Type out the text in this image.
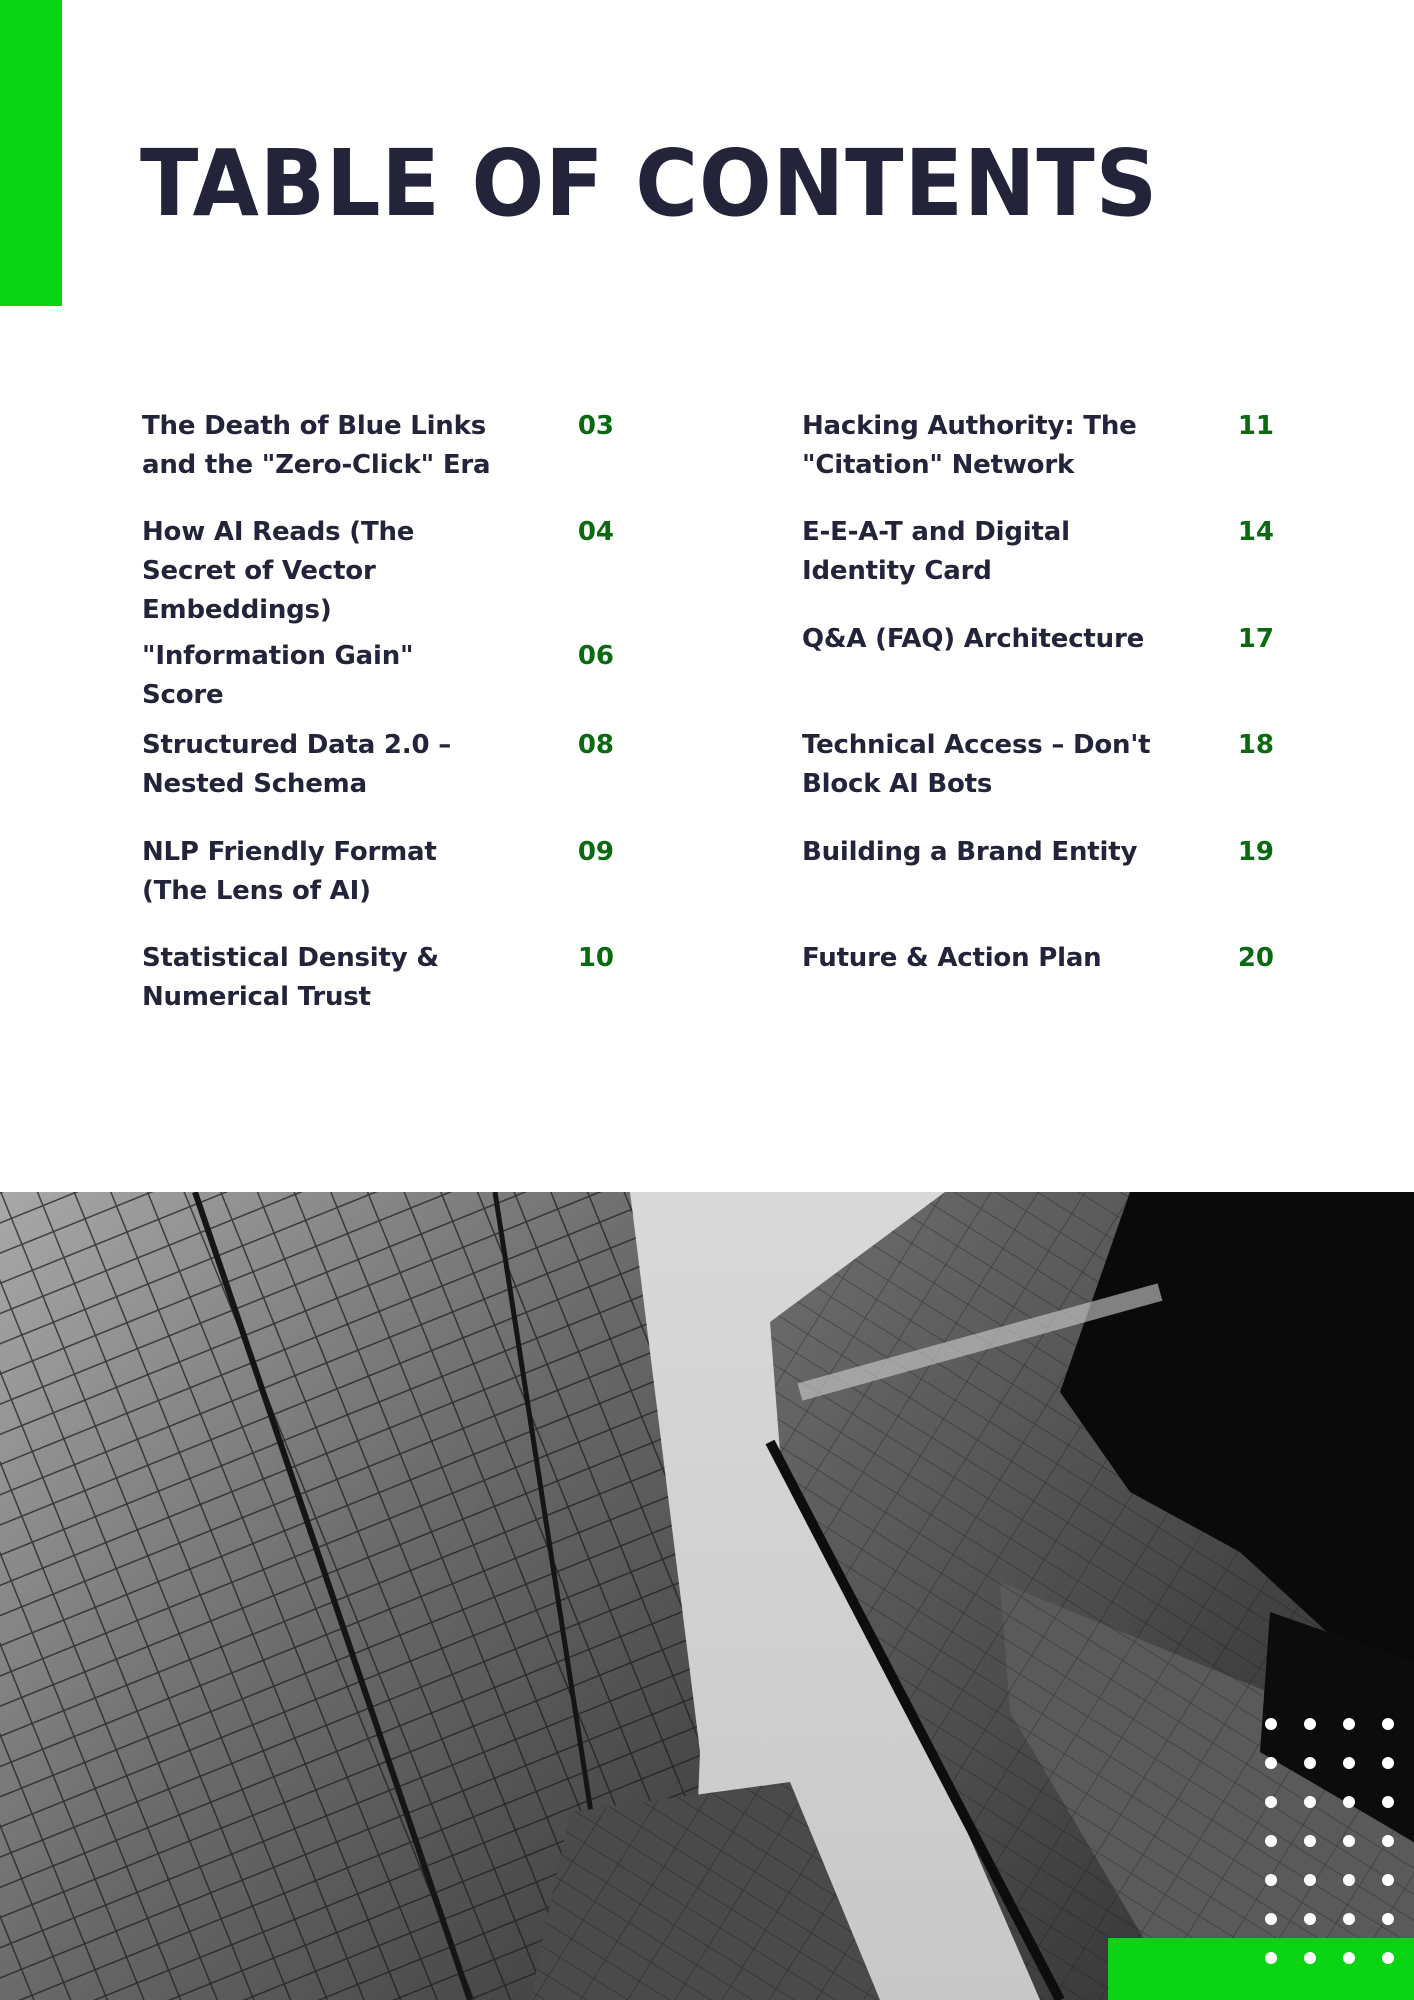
TABLE OF CONTENTS
The Death of Blue Links and the "Zero-Click" Era
03
How AI Reads (The Secret of Vector Embeddings)
04
"Information Gain" Score
06
Structured Data 2.0 – Nested Schema
08
NLP Friendly Format (The Lens of AI)
09
Statistical Density & Numerical Trust
10
Hacking Authority: The "Citation" Network
11
E-E-A-T and Digital Identity Card
14
Q&A (FAQ) Architecture	17
Technical Access – Don't Block AI Bots
18
Building a Brand Entity	19
Future & Action Plan	20
